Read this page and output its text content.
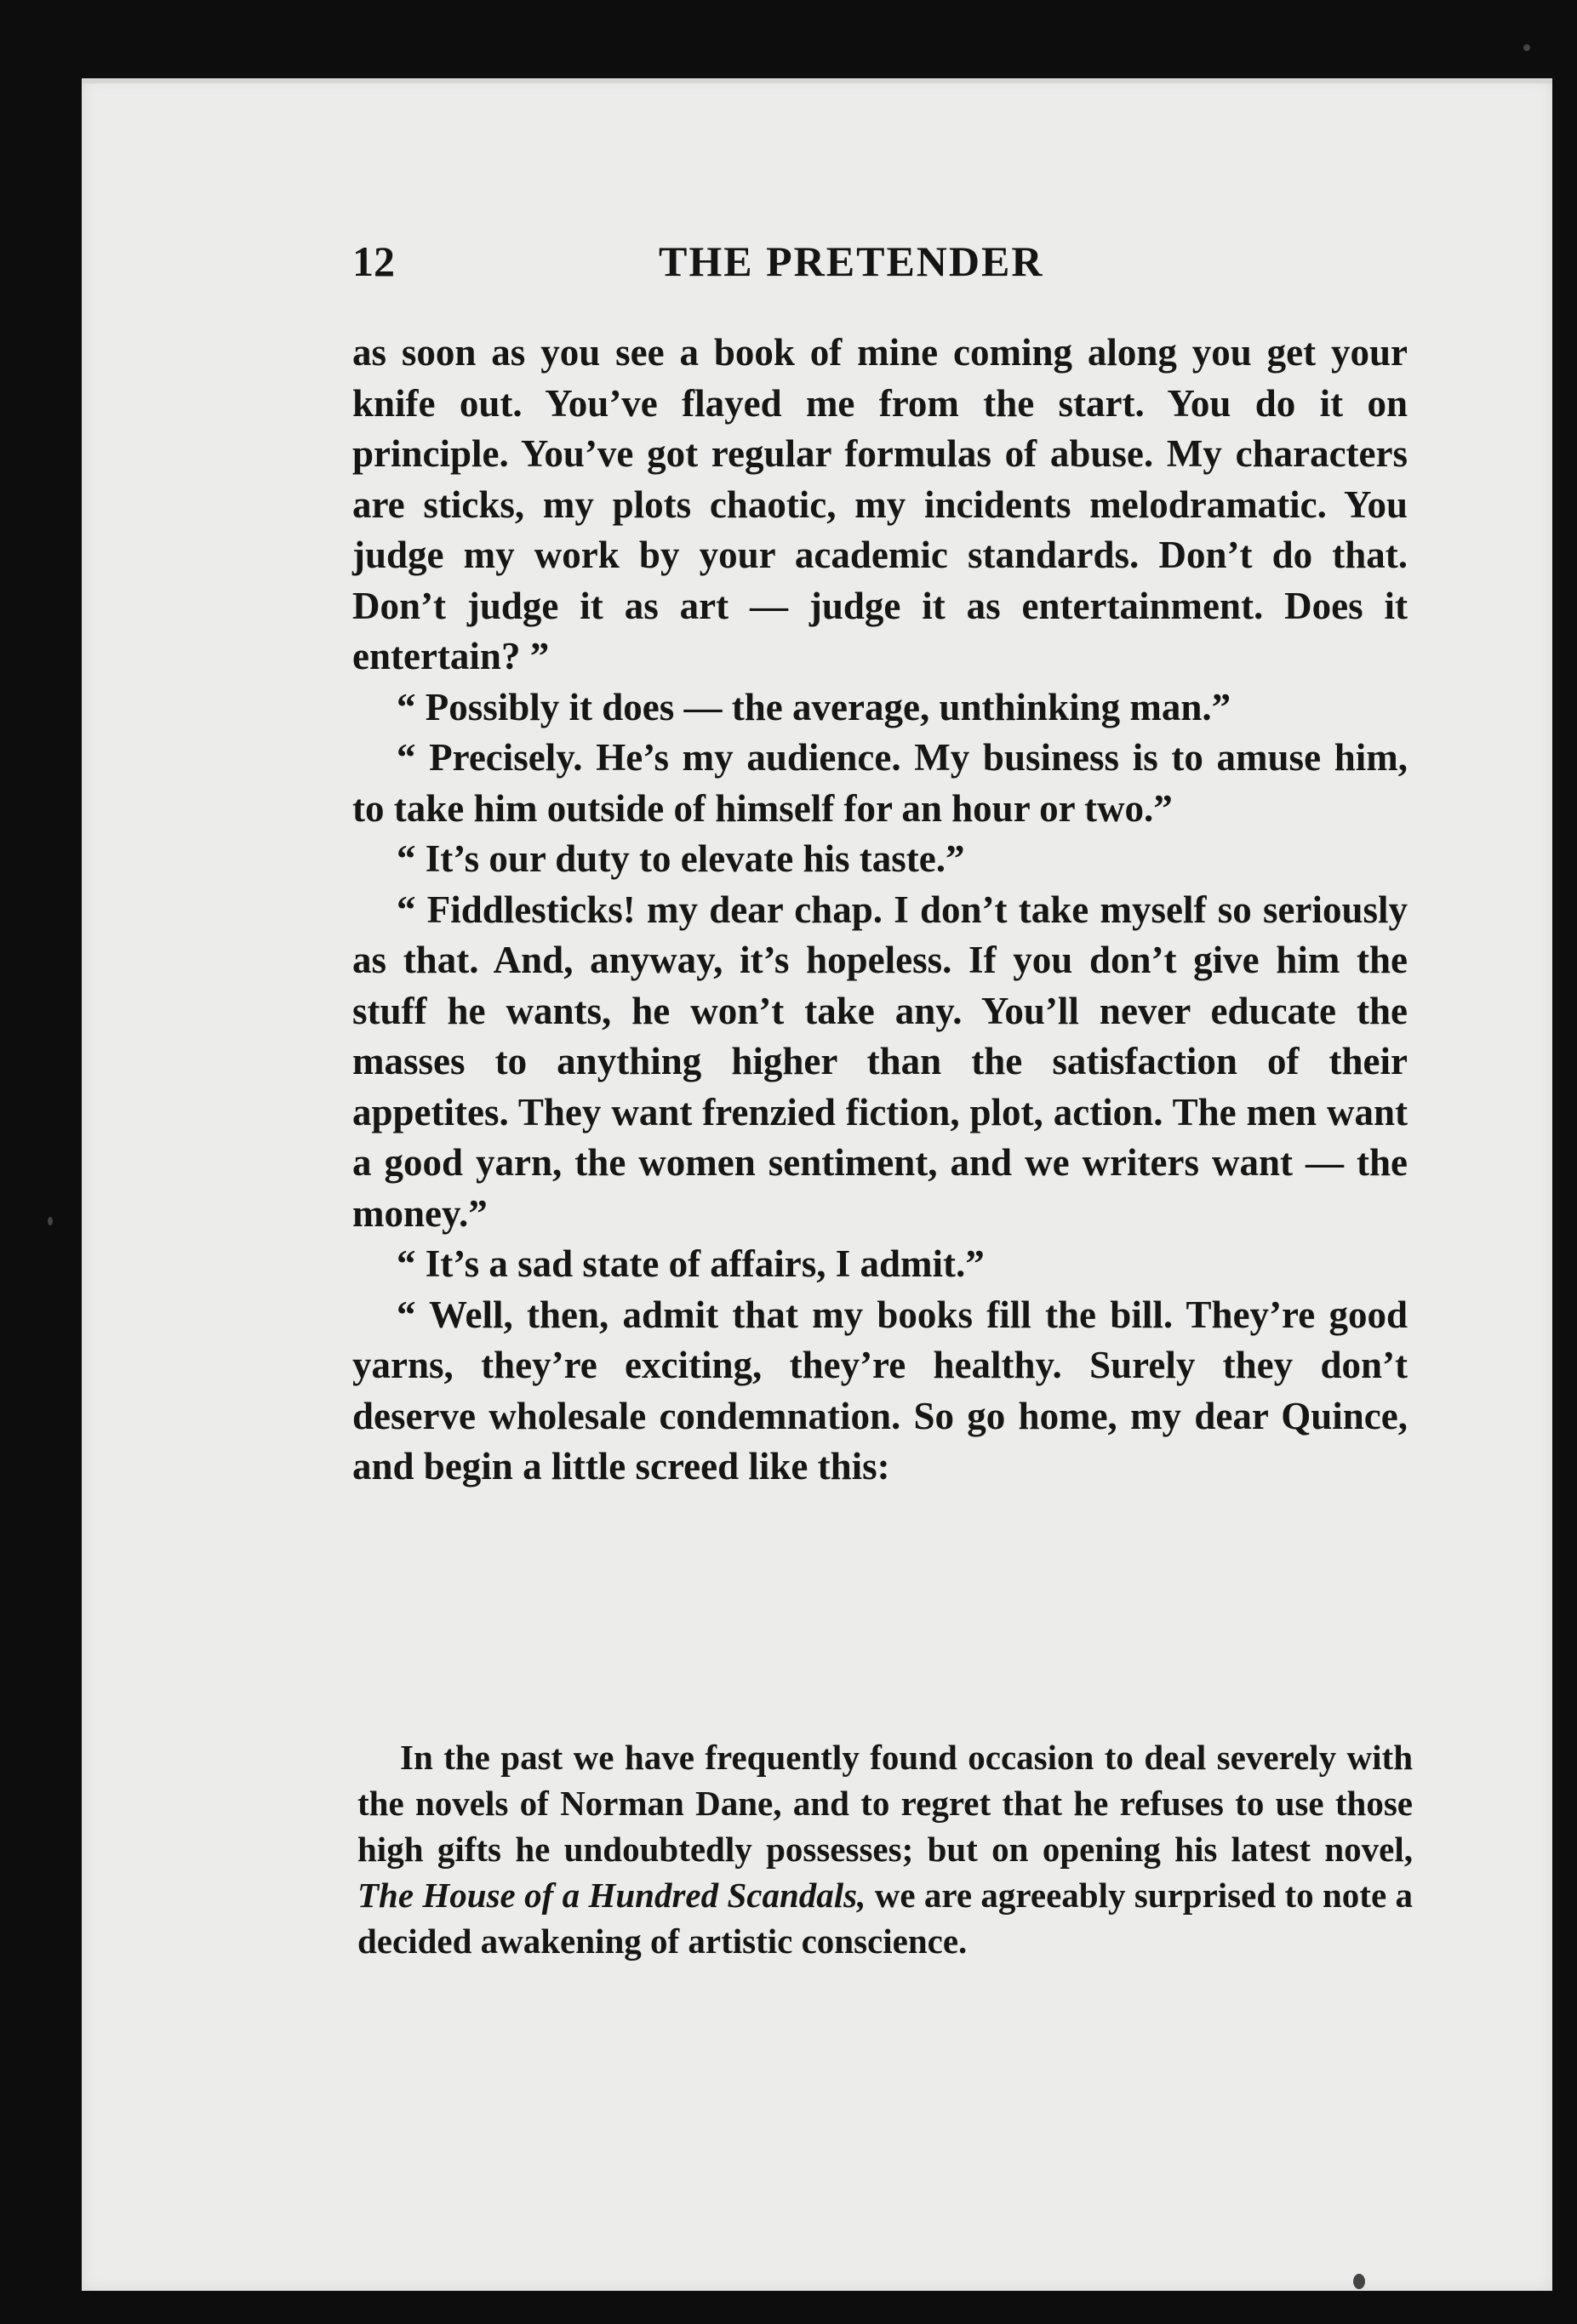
12	THE PRETENDER

as soon as you see a book of mine coming along you get your knife out. You’ve flayed me from the start. You do it on principle. You’ve got regular formulas of abuse. My characters are sticks, my plots chaotic, my incidents melodramatic. You judge my work by your academic standards. Don’t do that. Don’t judge it as art — judge it as entertainment. Does it entertain? ”

“ Possibly it does — the average, unthinking man.”

“ Precisely. He’s my audience. My business is to amuse him, to take him outside of himself for an hour or two.”

“ It’s our duty to elevate his taste.”

“ Fiddlesticks! my dear chap. I don’t take myself so seriously as that. And, anyway, it’s hopeless. If you don’t give him the stuff he wants, he won’t take any. You’ll never educate the masses to anything higher than the satisfaction of their appetites. They want frenzied fiction, plot, action. The men want a good yarn, the women sentiment, and we writers want — the money.”

“ It’s a sad state of affairs, I admit.”

“ Well, then, admit that my books fill the bill. They’re good yarns, they’re exciting, they’re healthy. Surely they don’t deserve wholesale condemnation. So go home, my dear Quince, and begin a little screed like this:

In the past we have frequently found occasion to deal severely with the novels of Norman Dane, and to regret that he refuses to use those high gifts he undoubtedly possesses; but on opening his latest novel, The House of a Hundred Scandals, we are agreeably surprised to note a decided awakening of artistic conscience.
